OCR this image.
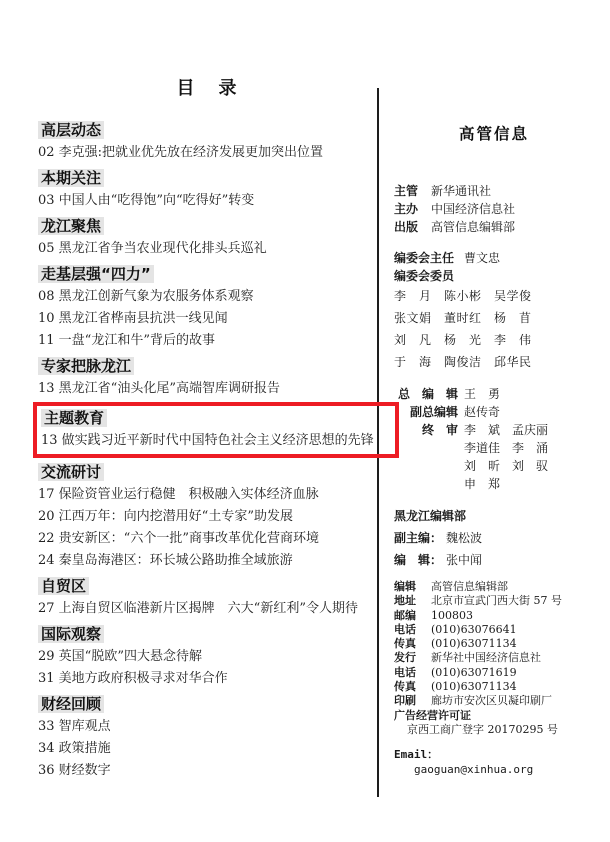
目　录
高层动态
02 李克强:把就业优先放在经济发展更加突出位置
本期关注
03 中国人由“吃得饱”向“吃得好”转变
龙江聚焦
05 黑龙江省争当农业现代化排头兵巡礼
走基层强“四力”
08 黑龙江创新气象为农服务体系观察
10 黑龙江省桦南县抗洪一线见闻
11 一盘“龙江和牛”背后的故事
专家把脉龙江
13 黑龙江省“油头化尾”高端智库调研报告
主题教育
13 做实践习近平新时代中国特色社会主义经济思想的先锋
交流研讨
17 保险资管业运行稳健　积极融入实体经济血脉
20 江西万年：向内挖潜用好“土专家”助发展
22 贵安新区：“六个一批”商事改革优化营商环境
24 秦皇岛海港区：环长城公路助推全域旅游
自贸区
27 上海自贸区临港新片区揭牌　六大“新红利”令人期待
国际观察
29 英国“脱欧”四大悬念待解
31 美地方政府积极寻求对华合作
财经回顾
33 智库观点
34 政策措施
36 财经数字
高管信息
主管 新华通讯社
主办 中国经济信息社
出版 高管信息编辑部
编委会主任 曹文忠
编委会委员
李　月　陈小彬　吴学俊
张文娟　董时红　杨　苜
刘　凡　杨　光　李　伟
于　海　陶俊洁　邱华民
总　编　辑 王　勇
副总编辑 赵传奇
终　审 李　斌　孟庆丽
李道佳　李　涌
刘　昕　刘　驭
申　郑
黑龙江编辑部
副主编： 魏松波
编　辑： 张中闻
编辑 高管信息编辑部
地址 北京市宣武门西大街 57 号
邮编 100803
电话 (010)63076641
传真 (010)63071134
发行 新华社中国经济信息社
电话 (010)63071619
传真 (010)63071134
印刷 廊坊市安次区贝凝印刷厂
广告经营许可证
京西工商广登字 20170295 号
Email：
gaoguan@xinhua.org
